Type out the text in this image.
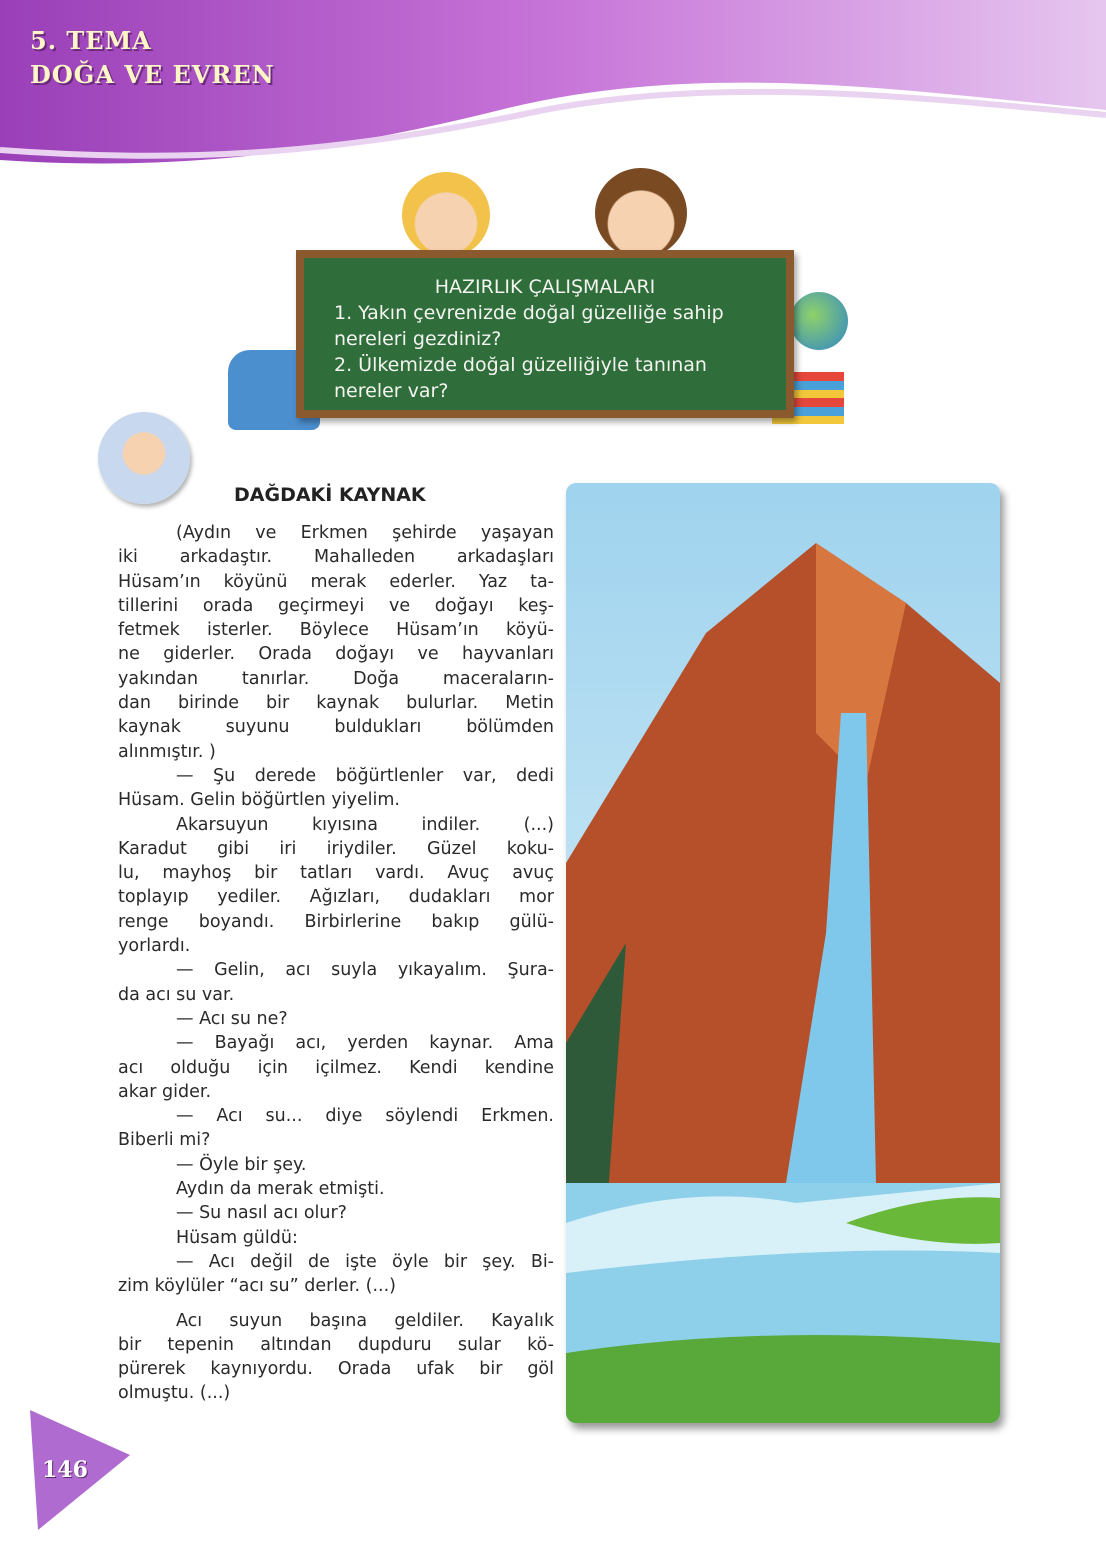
5. TEMA
DOĞA VE EVREN
HAZIRLIK ÇALIŞMALARI
1. Yakın çevrenizde doğal güzelliğe sahip
nereleri gezdiniz?
2. Ülkemizde doğal güzelliğiyle tanınan
nereler var?
DAĞDAKİ KAYNAK
(Aydın ve Erkmen şehirde yaşayan
iki arkadaştır. Mahalleden arkadaşları
Hüsam’ın köyünü merak ederler. Yaz ta-
tillerini orada geçirmeyi ve doğayı keş-
fetmek isterler. Böylece Hüsam’ın köyü-
ne giderler. Orada doğayı ve hayvanları
yakından tanırlar. Doğa maceraların-
dan birinde bir kaynak bulurlar. Metin
kaynak suyunu buldukları bölümden
alınmıştır. )
— Şu derede böğürtlenler var, dedi
Hüsam. Gelin böğürtlen yiyelim.
Akarsuyun kıyısına indiler. (...)
Karadut gibi iri iriydiler. Güzel koku-
lu, mayhoş bir tatları vardı. Avuç avuç
toplayıp yediler. Ağızları, dudakları mor
renge boyandı. Birbirlerine bakıp gülü-
yorlardı.
— Gelin, acı suyla yıkayalım. Şura-
da acı su var.
— Acı su ne?
— Bayağı acı, yerden kaynar. Ama
acı olduğu için içilmez. Kendi kendine
akar gider.
— Acı su... diye söylendi Erkmen.
Biberli mi?
— Öyle bir şey.
Aydın da merak etmişti.
— Su nasıl acı olur?
Hüsam güldü:
— Acı değil de işte öyle bir şey. Bi-
zim köylüler “acı su” derler. (...)
Acı suyun başına geldiler. Kayalık
bir tepenin altından dupduru sular kö-
pürerek kaynıyordu. Orada ufak bir göl
olmuştu. (...)
146
